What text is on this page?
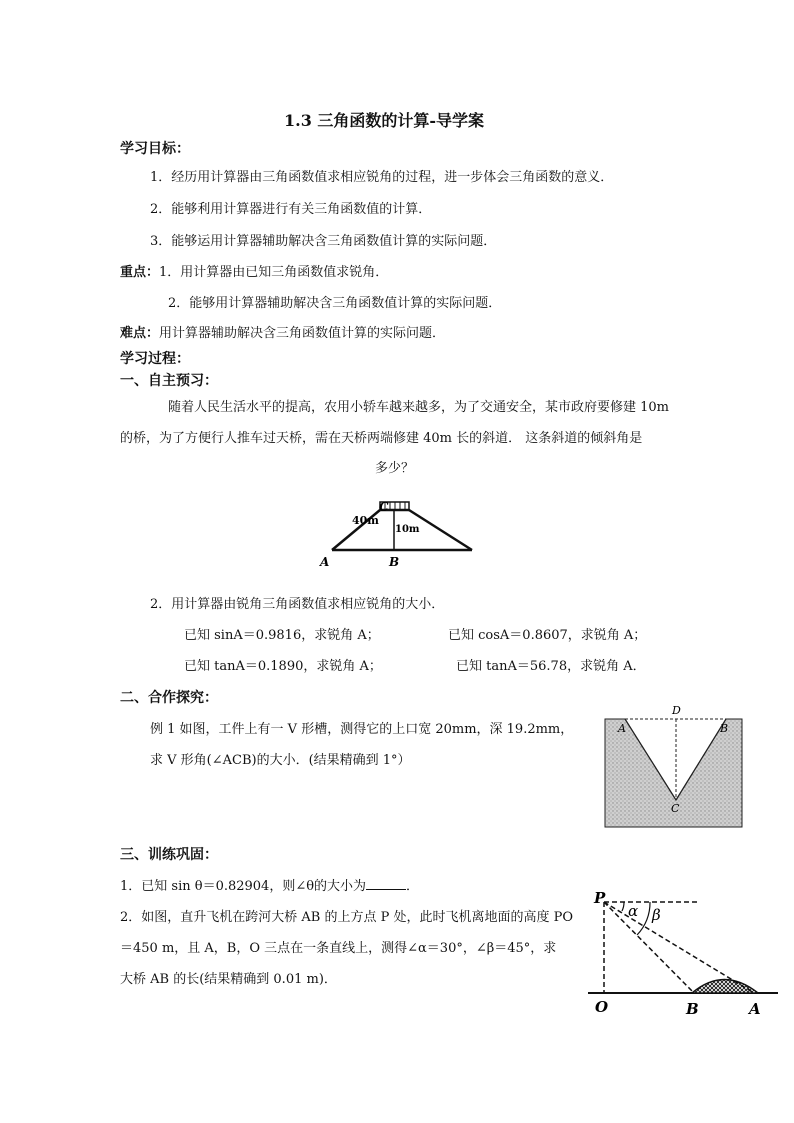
1.3 三角函数的计算-导学案
学习目标：
1．经历用计算器由三角函数值求相应锐角的过程，进一步体会三角函数的意义．
2．能够利用计算器进行有关三角函数值的计算．
3．能够运用计算器辅助解决含三角函数值计算的实际问题．
重点：1．用计算器由已知三角函数值求锐角．
2．能够用计算器辅助解决含三角函数值计算的实际问题．
难点：用计算器辅助解决含三角函数值计算的实际问题．
学习过程：
一、自主预习：
随着人民生活水平的提高，农用小轿车越来越多，为了交通安全，某市政府要修建 10m
的桥，为了方便行人推车过天桥，需在天桥两端修建 40m 长的斜道． 这条斜道的倾斜角是
多少？
40m
10m
C
A	B
2．用计算器由锐角三角函数值求相应锐角的大小．
已知 sinA＝0.9816，求锐角 A；	已知 cosA＝0.8607，求锐角 A；
已知 tanA＝0.1890，求锐角 A；	已知 tanA＝56.78，求锐角 A．
二、合作探究：
例 1 如图，工件上有一 V 形槽，测得它的上口宽 20mm，深 19.2mm，
求 V 形角(∠ACB)的大小．(结果精确到 1°）
D
A	B
C
三、训练巩固：
1．已知 sin θ＝0.82904，则∠θ的大小为	．
2．如图，直升飞机在跨河大桥 AB 的上方点 P 处，此时飞机离地面的高度 PO
＝450 m，且 A，B，O 三点在一条直线上，测得∠α＝30°，∠β＝45°，求
大桥 AB 的长(结果精确到 0.01 m)．
P
α β
O	B	A
